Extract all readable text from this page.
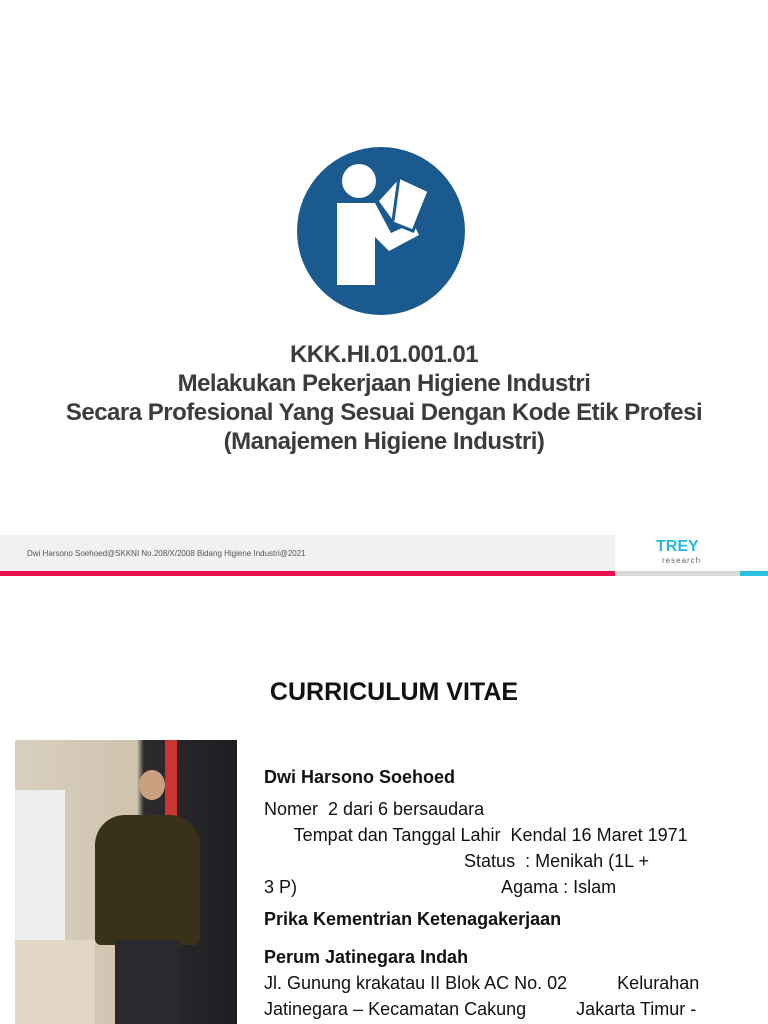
KKK.HI.01.001.01
Melakukan Pekerjaan Higiene Industri
Secara Profesional Yang Sesuai Dengan Kode Etik Profesi
(Manajemen Higiene Industri)
Dwi Harsono Soehoed@SKKNI No.208/X/2008 Bidang Higiene Industri@2021	TREY
research
CURRICULUM VITAE
Dwi Harsono Soehoed
Nomer  2 dari 6 bersaudara
Tempat dan Tanggal Lahir  Kendal 16 Maret 1971
Status  : Menikah (1L +
3 P)                                         Agama : Islam
Prika Kementrian Ketenagakerjaan
Perum Jatinegara Indah
Jl. Gunung krakatau II Blok AC No. 02          Kelurahan
Jatinegara – Kecamatan Cakung          Jakarta Timur -
